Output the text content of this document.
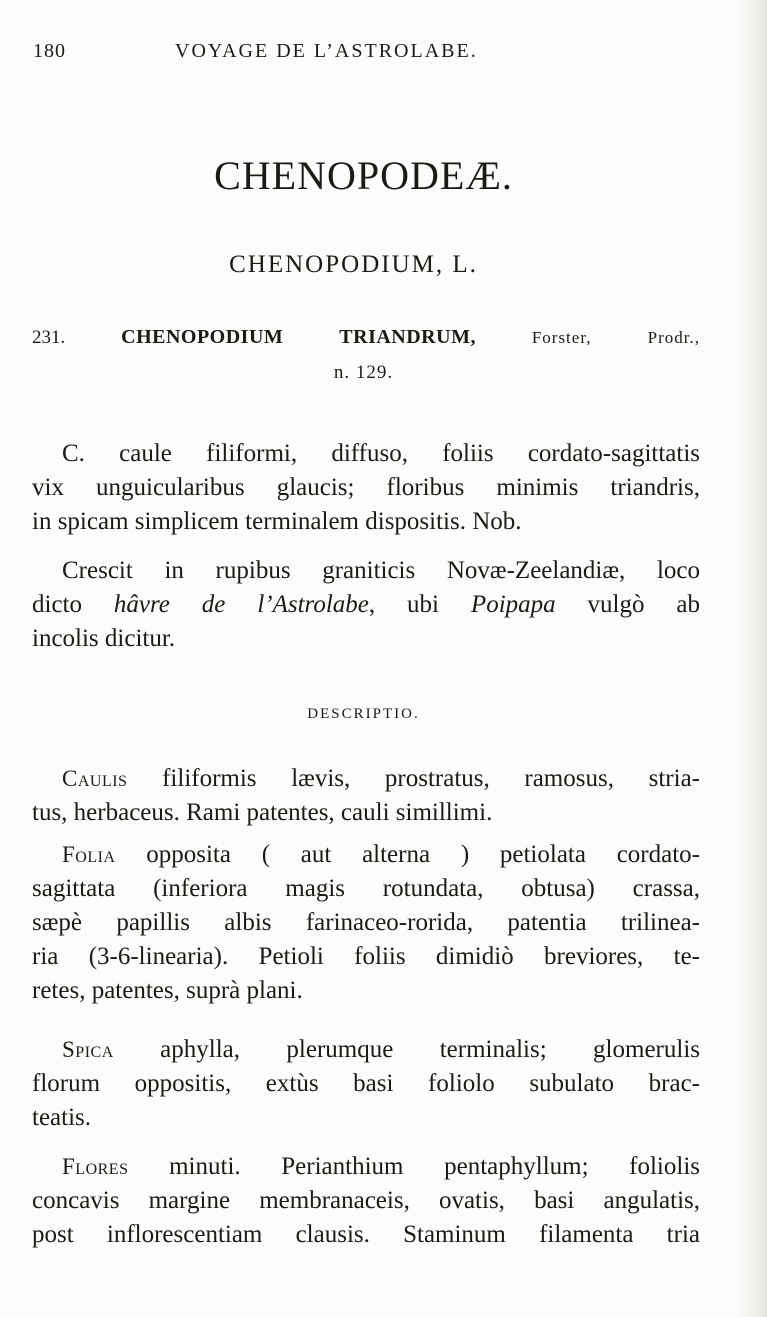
180	VOYAGE DE L’ASTROLABE.
CHENOPODEÆ.
CHENOPODIUM, L.
231.	CHENOPODIUM TRIANDRUM,	Forster, Prodr.,
n. 129.
C. caule filiformi, diffuso, foliis cordato-sagittatis
vix unguicularibus glaucis; floribus minimis triandris,
in spicam simplicem terminalem dispositis. Nob.
Crescit in rupibus graniticis Novæ-Zeelandiæ, loco
dicto hâvre de l’Astrolabe, ubi Poipapa vulgò ab
incolis dicitur.
DESCRIPTIO.
Caulis filiformis lævis, prostratus, ramosus, stria-
tus, herbaceus. Rami patentes, cauli simillimi.
Folia opposita ( aut alterna ) petiolata cordato-
sagittata (inferiora magis rotundata, obtusa) crassa,
sæpè papillis albis farinaceo-rorida, patentia trilinea-
ria (3-6-linearia). Petioli foliis dimidiò breviores, te-
retes, patentes, suprà plani.
Spica aphylla, plerumque terminalis; glomerulis
florum oppositis, extùs basi foliolo subulato brac-
teatis.
Flores minuti. Perianthium pentaphyllum; foliolis
concavis margine membranaceis, ovatis, basi angulatis,
post inflorescentiam clausis. Staminum filamenta tria
